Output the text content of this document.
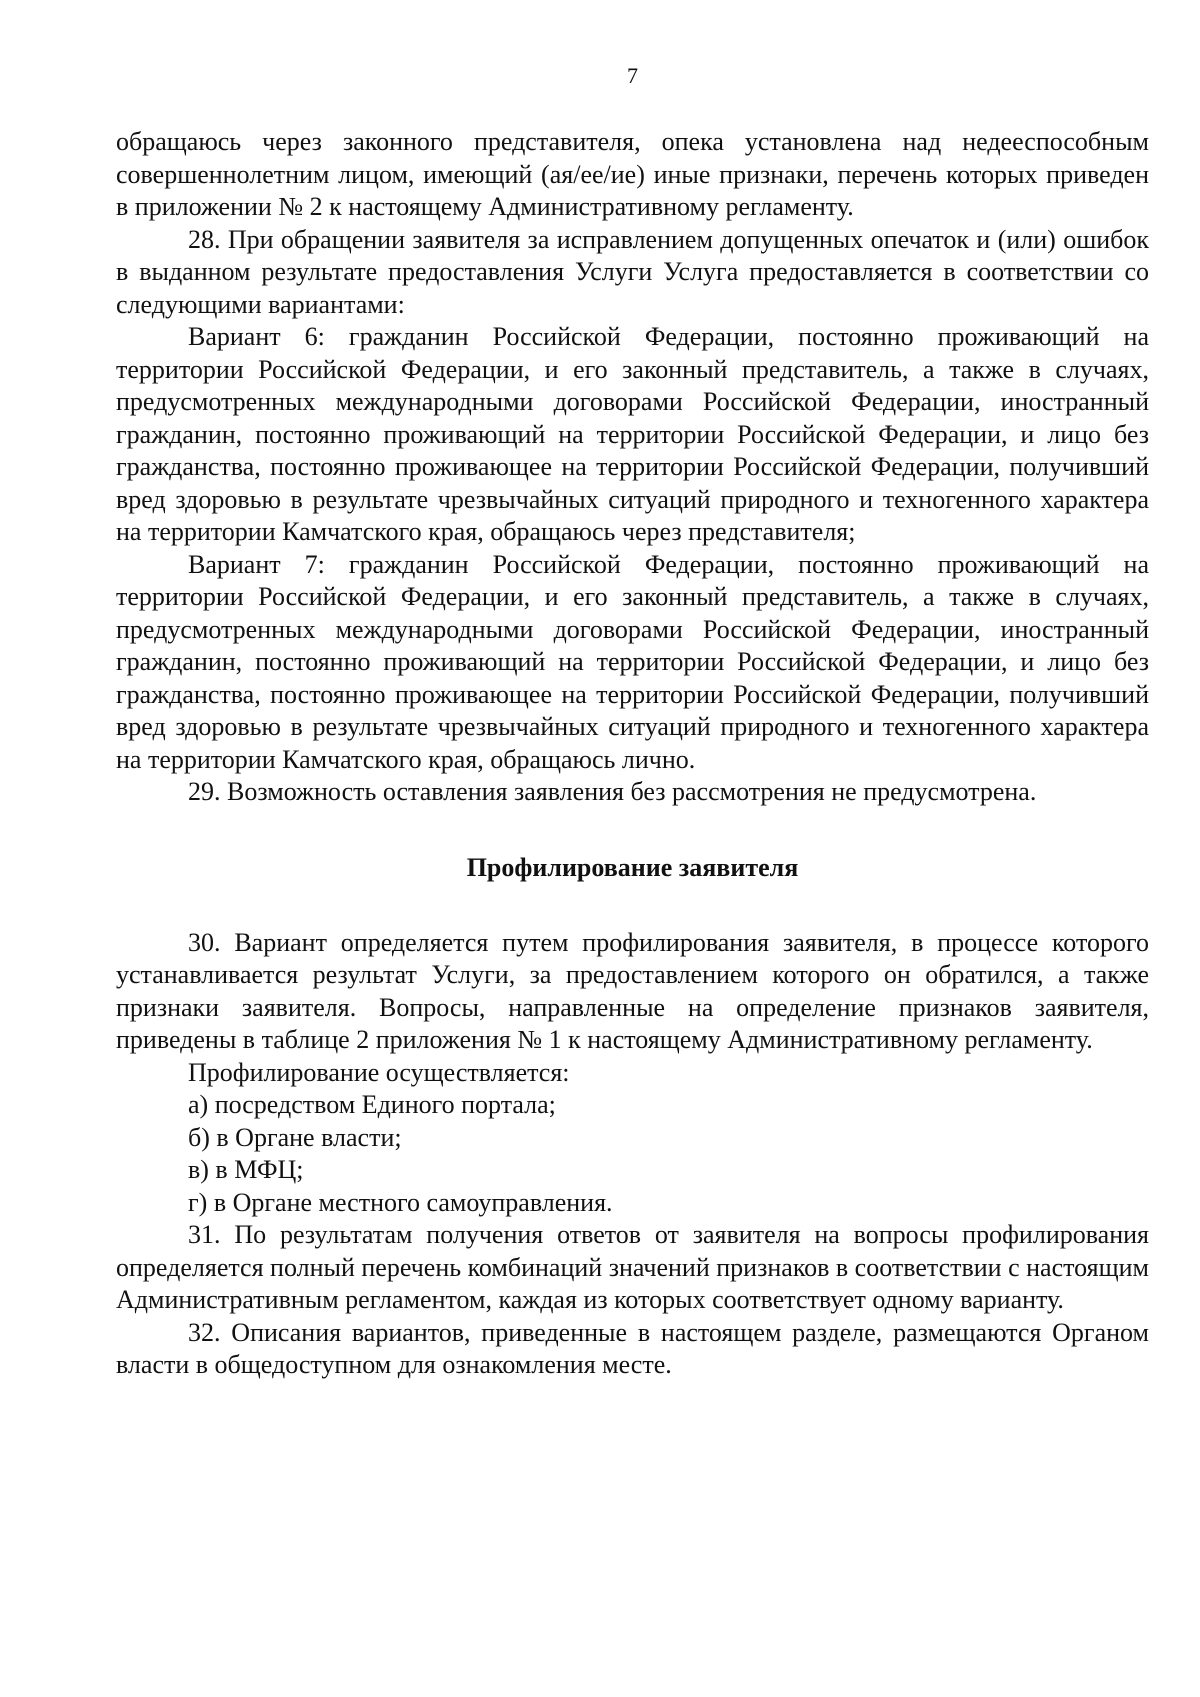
7

обращаюсь через законного представителя, опека установлена над недееспособным совершеннолетним лицом, имеющий (ая/ее/ие) иные признаки, перечень которых приведен в приложении № 2 к настоящему Административному регламенту.

28. При обращении заявителя за исправлением допущенных опечаток и (или) ошибок в выданном результате предоставления Услуги Услуга предоставляется в соответствии со следующими вариантами:

Вариант 6: гражданин Российской Федерации, постоянно проживающий на территории Российской Федерации, и его законный представитель, а также в случаях, предусмотренных международными договорами Российской Федерации, иностранный гражданин, постоянно проживающий на территории Российской Федерации, и лицо без гражданства, постоянно проживающее на территории Российской Федерации, получивший вред здоровью в результате чрезвычайных ситуаций природного и техногенного характера на территории Камчатского края, обращаюсь через представителя;

Вариант 7: гражданин Российской Федерации, постоянно проживающий на территории Российской Федерации, и его законный представитель, а также в случаях, предусмотренных международными договорами Российской Федерации, иностранный гражданин, постоянно проживающий на территории Российской Федерации, и лицо без гражданства, постоянно проживающее на территории Российской Федерации, получивший вред здоровью в результате чрезвычайных ситуаций природного и техногенного характера на территории Камчатского края, обращаюсь лично.

29. Возможность оставления заявления без рассмотрения не предусмотрена.

Профилирование заявителя

30. Вариант определяется путем профилирования заявителя, в процессе которого устанавливается результат Услуги, за предоставлением которого он обратился, а также признаки заявителя. Вопросы, направленные на определение признаков заявителя, приведены в таблице 2 приложения № 1 к настоящему Административному регламенту.

Профилирование осуществляется:

а) посредством Единого портала;

б) в Органе власти;

в) в МФЦ;

г) в Органе местного самоуправления.

31. По результатам получения ответов от заявителя на вопросы профилирования определяется полный перечень комбинаций значений признаков в соответствии с настоящим Административным регламентом, каждая из которых соответствует одному варианту.

32. Описания вариантов, приведенные в настоящем разделе, размещаются Органом власти в общедоступном для ознакомления месте.
